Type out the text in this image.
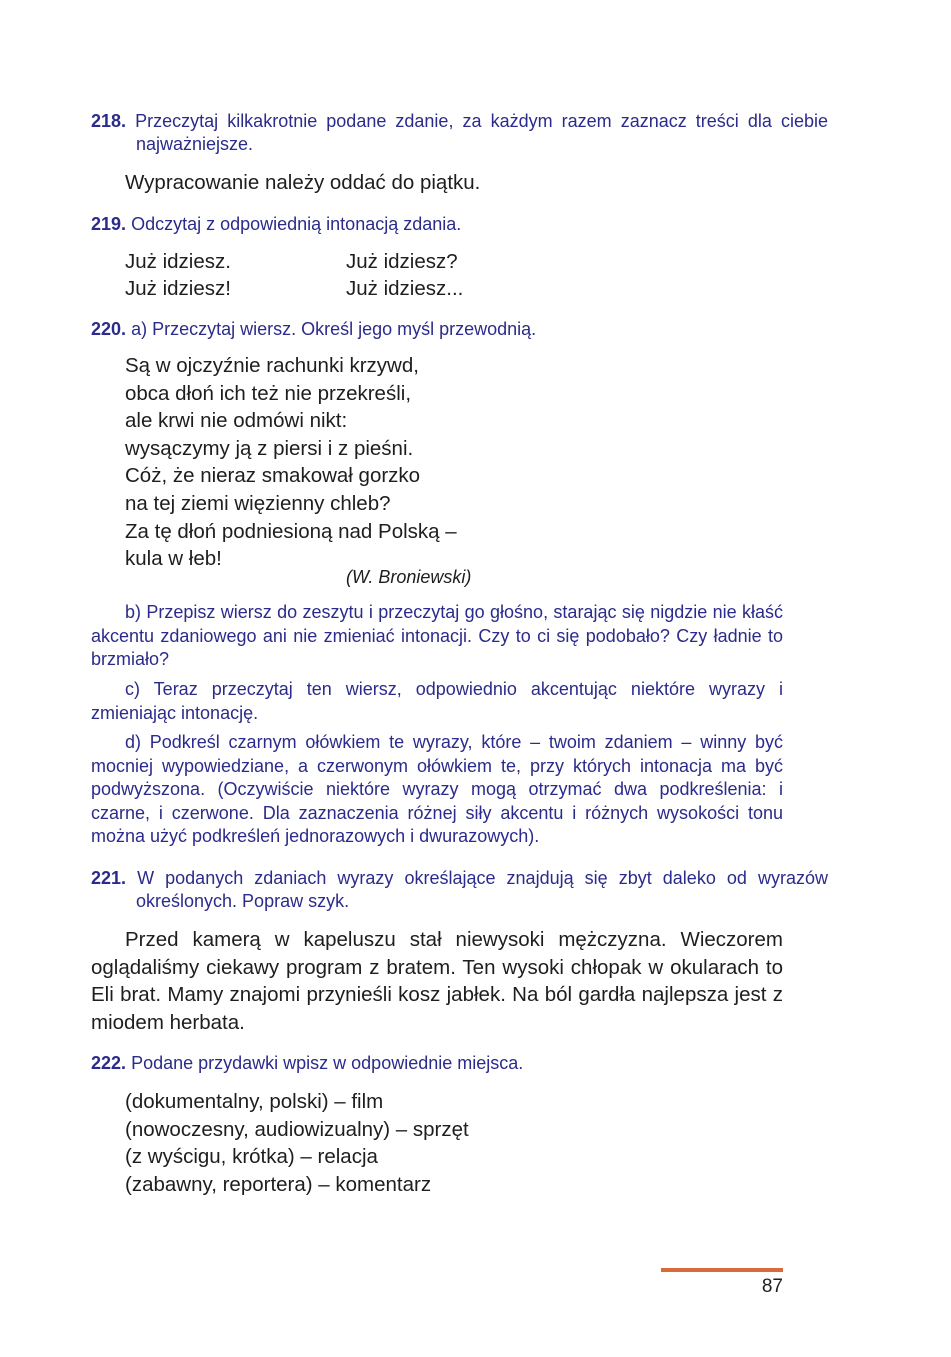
218. Przeczytaj kilkakrotnie podane zdanie, za każdym razem zaznacz treści dla ciebie najważniejsze.
Wypracowanie należy oddać do piątku.
219. Odczytaj z odpowiednią intonacją zdania.
Już idziesz.
Już idziesz!
Już idziesz?
Już idziesz...
220. a) Przeczytaj wiersz. Określ jego myśl przewodnią.
Są w ojczyźnie rachunki krzywd,
obca dłoń ich też nie przekreśli,
ale krwi nie odmówi nikt:
wysączymy ją z piersi i z pieśni.
Cóż, że nieraz smakował gorzko
na tej ziemi więzienny chleb?
Za tę dłoń podniesioną nad Polską –
kula w łeb!
(W. Broniewski)
b) Przepisz wiersz do zeszytu i przeczytaj go głośno, starając się nigdzie nie kłaść akcentu zdaniowego ani nie zmieniać intonacji. Czy to ci się podobało? Czy ładnie to brzmiało?
c) Teraz przeczytaj ten wiersz, odpowiednio akcentując niektóre wyrazy i zmieniając intonację.
d) Podkreśl czarnym ołówkiem te wyrazy, które – twoim zdaniem – winny być mocniej wypowiedziane, a czerwonym ołówkiem te, przy których intonacja ma być podwyższona. (Oczywiście niektóre wyrazy mogą otrzymać dwa podkreślenia: i czarne, i czerwone. Dla zaznaczenia różnej siły akcentu i różnych wysokości tonu można użyć podkreśleń jednorazowych i dwurazowych).
221. W podanych zdaniach wyrazy określające znajdują się zbyt daleko od wyrazów określonych. Popraw szyk.
Przed kamerą w kapeluszu stał niewysoki mężczyzna. Wieczorem oglądaliśmy ciekawy program z bratem. Ten wysoki chłopak w okularach to Eli brat. Mamy znajomi przynieśli kosz jabłek. Na ból gardła najlepsza jest z miodem herbata.
222. Podane przydawki wpisz w odpowiednie miejsca.
(dokumentalny, polski) – film
(nowoczesny, audiowizualny) – sprzęt
(z wyścigu, krótka) – relacja
(zabawny, reportera) – komentarz
87
